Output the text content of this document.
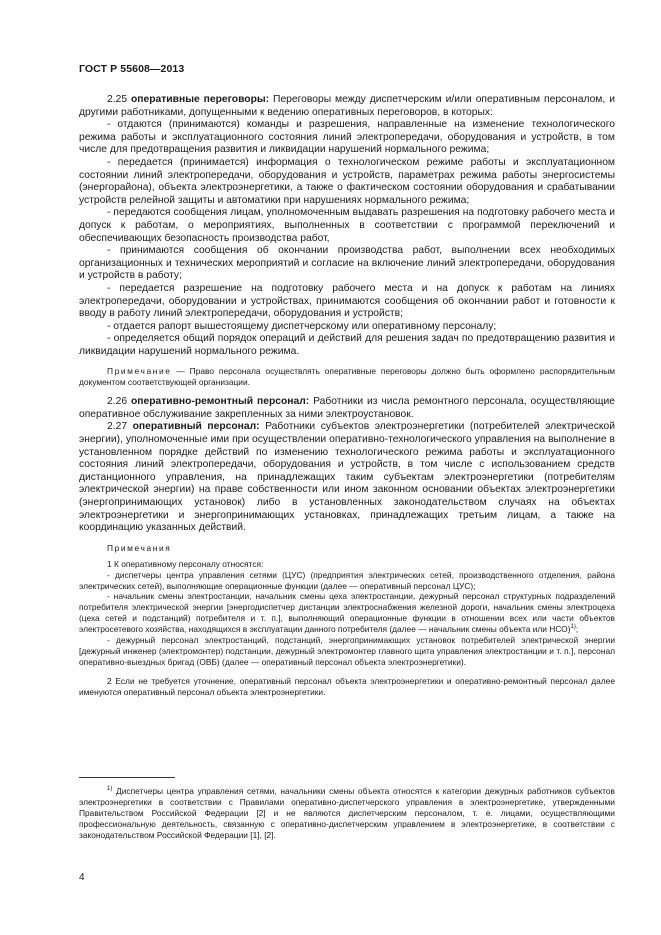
ГОСТ Р 55608—2013

2.25 оперативные переговоры: Переговоры между диспетчерским и/или оперативным персоналом, и другими работниками, допущенными к ведению оперативных переговоров, в которых:

- отдаются (принимаются) команды и разрешения, направленные на изменение технологического режима работы и эксплуатационного состояния линий электропередачи, оборудования и устройств, в том числе для предотвращения развития и ликвидации нарушений нормального режима;

- передается (принимается) информация о технологическом режиме работы и эксплуатационном состоянии линий электропередачи, оборудования и устройств, параметрах режима работы энергосистемы (энергорайона), объекта электроэнергетики, а также о фактическом состоянии оборудования и срабатывании устройств релейной защиты и автоматики при нарушениях нормального режима;

- передаются сообщения лицам, уполномоченным выдавать разрешения на подготовку рабочего места и допуск к работам, о мероприятиях, выполненных в соответствии с программой переключений и обеспечивающих безопасность производства работ,

- принимаются сообщения об окончании производства работ, выполнении всех необходимых организационных и технических мероприятий и согласие на включение линий электропередачи, оборудования и устройств в работу;

- передается разрешение на подготовку рабочего места и на допуск к работам на линиях электропередачи, оборудовании и устройствах, принимаются сообщения об окончании работ и готовности к вводу в работу линий электропередачи, оборудования и устройств;

- отдается рапорт вышестоящему диспетчерскому или оперативному персоналу;

- определяется общий порядок операций и действий для решения задач по предотвращению развития и ликвидации нарушений нормального режима.

Примечание — Право персонала осуществлять оперативные переговоры должно быть оформлено распорядительным документом соответствующей организации.

2.26 оперативно-ремонтный персонал: Работники из числа ремонтного персонала, осуществляющие оперативное обслуживание закрепленных за ними электроустановок.

2.27 оперативный персонал: Работники субъектов электроэнергетики (потребителей электрической энергии), уполномоченные ими при осуществлении оперативно-технологического управления на выполнение в установленном порядке действий по изменению технологического режима работы и эксплуатационного состояния линий электропередачи, оборудования и устройств, в том числе с использованием средств дистанционного управления, на принадлежащих таким субъектам электроэнергетики (потребителям электрической энергии) на праве собственности или ином законном основании объектах электроэнергетики (энергопринимающих установок) либо в установленных законодательством случаях на объектах электроэнергетики и энергопринимающих установках, принадлежащих третьим лицам, а также на координацию указанных действий.

Примечания

1 К оперативному персоналу относятся:

- диспетчеры центра управления сетями (ЦУС) (предприятия электрических сетей, производственного отделения, района электрических сетей), выполняющие операционные функции (далее — оперативный персонал ЦУС);

- начальник смены электростанции, начальник смены цеха электростанции, дежурный персонал структурных подразделений потребителя электрической энергии [энергодиспетчер дистанции электроснабжения железной дороги, начальник смены электроцеха (цеха сетей и подстанций) потребителя и т. п.], выполняющий операционные функции в отношении всех или части объектов электросетевого хозяйства, находящихся в эксплуатации данного потребителя (далее — начальник смены объекта или НСО)$^{1)}$;

- дежурный персонал электростанций, подстанций, энергопринимающих установок потребителей электрической энергии [дежурный инженер (электромонтер) подстанции, дежурный электромонтер главного щита управления электростанции и т. п.], персонал оперативно-выездных бригад (ОВБ) (далее — оперативный персонал объекта электроэнергетики).

2 Если не требуется уточнение, оперативный персонал объекта электроэнергетики и оперативно-ремонтный персонал далее именуются оперативный персонал объекта электроэнергетики.

$^{1)}$ Диспетчеры центра управления сетями, начальники смены объекта относятся к категории дежурных работников субъектов электроэнергетики в соответствии с Правилами оперативно-диспетчерского управления в электроэнергетике, утвержденными Правительством Российской Федерации [2] и не являются диспетчерским персоналом, т. е. лицами, осуществляющими профессиональную деятельность, связанную с оперативно-диспетчерским управлением в электроэнергетике, в соответствии с законодательством Российской Федерации [1], [2].

4
